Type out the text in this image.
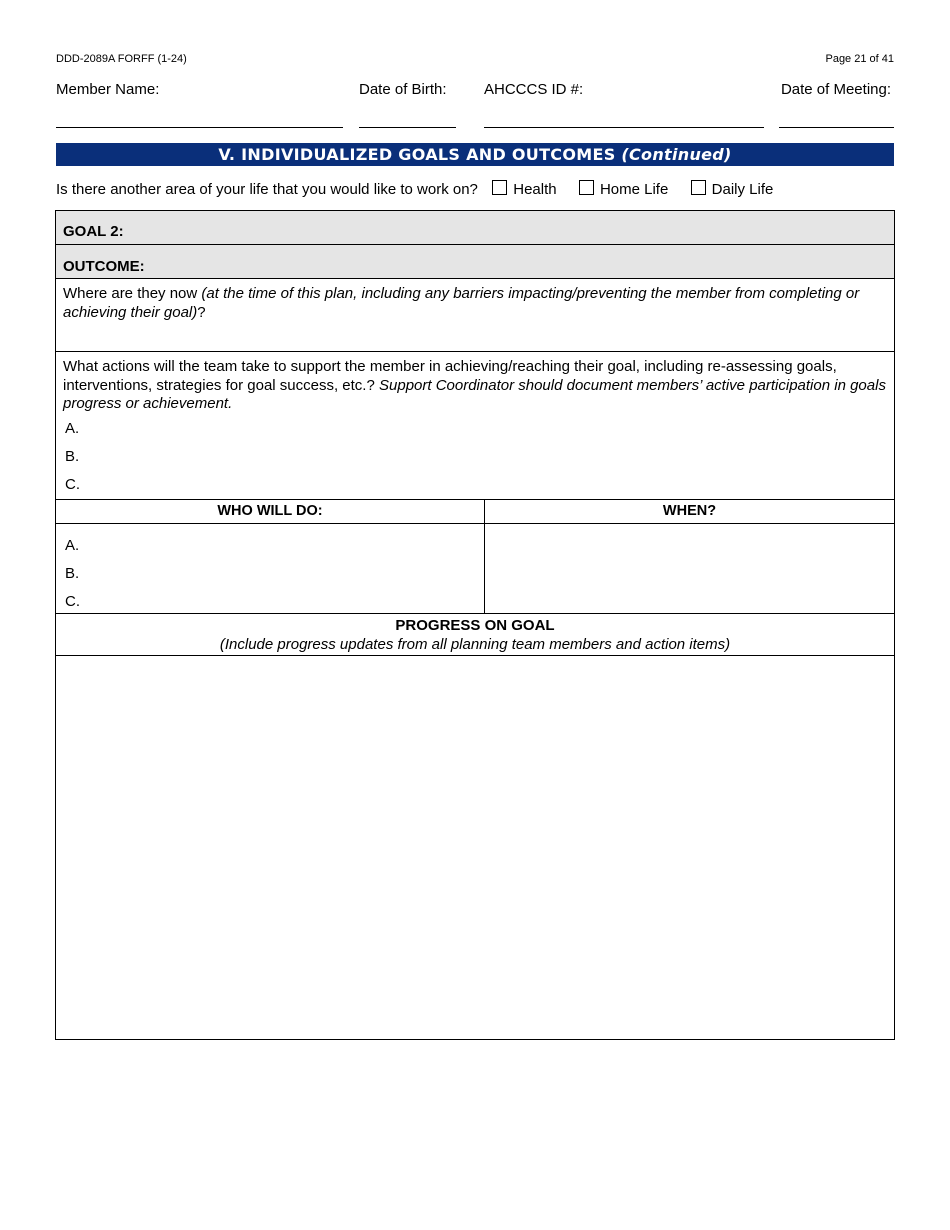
DDD-2089A FORFF (1-24)	Page 21 of 41
Member Name:	Date of Birth: AHCCCS ID #:	Date of Meeting:
V. INDIVIDUALIZED GOALS AND OUTCOMES (Continued)
Is there another area of your life that you would like to work on? Health	Home Life	Daily Life
GOAL 2:
OUTCOME:
Where are they now (at the time of this plan, including any barriers impacting/preventing the member from completing or achieving their goal)?
What actions will the team take to support the member in achieving/reaching their goal, including re-assessing goals, interventions, strategies for goal success, etc.? Support Coordinator should document members’ active participation in goals progress or achievement.
A.
B.
C.
WHO WILL DO:	WHEN?
A.
B.
C.
PROGRESS ON GOAL
(Include progress updates from all planning team members and action items)
